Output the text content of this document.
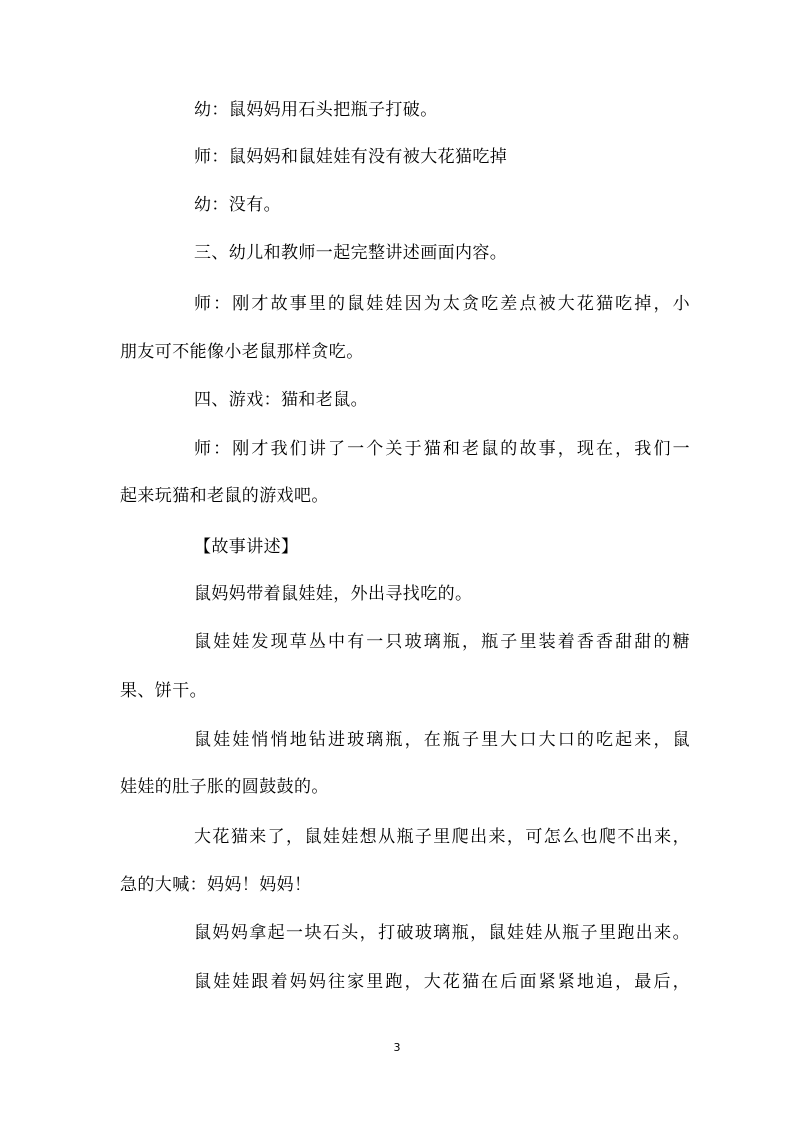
幼：鼠妈妈用石头把瓶子打破。
师：鼠妈妈和鼠娃娃有没有被大花猫吃掉
幼：没有。
三、幼儿和教师一起完整讲述画面内容。
师：刚才故事里的鼠娃娃因为太贪吃差点被大花猫吃掉，小
朋友可不能像小老鼠那样贪吃。
四、游戏：猫和老鼠。
师：刚才我们讲了一个关于猫和老鼠的故事，现在，我们一
起来玩猫和老鼠的游戏吧。
【故事讲述】
鼠妈妈带着鼠娃娃，外出寻找吃的。
鼠娃娃发现草丛中有一只玻璃瓶，瓶子里装着香香甜甜的糖
果、饼干。
鼠娃娃悄悄地钻进玻璃瓶，在瓶子里大口大口的吃起来，鼠
娃娃的肚子胀的圆鼓鼓的。
大花猫来了，鼠娃娃想从瓶子里爬出来，可怎么也爬不出来，
急的大喊：妈妈！妈妈！
鼠妈妈拿起一块石头，打破玻璃瓶，鼠娃娃从瓶子里跑出来。
鼠娃娃跟着妈妈往家里跑，大花猫在后面紧紧地追，最后，
3
